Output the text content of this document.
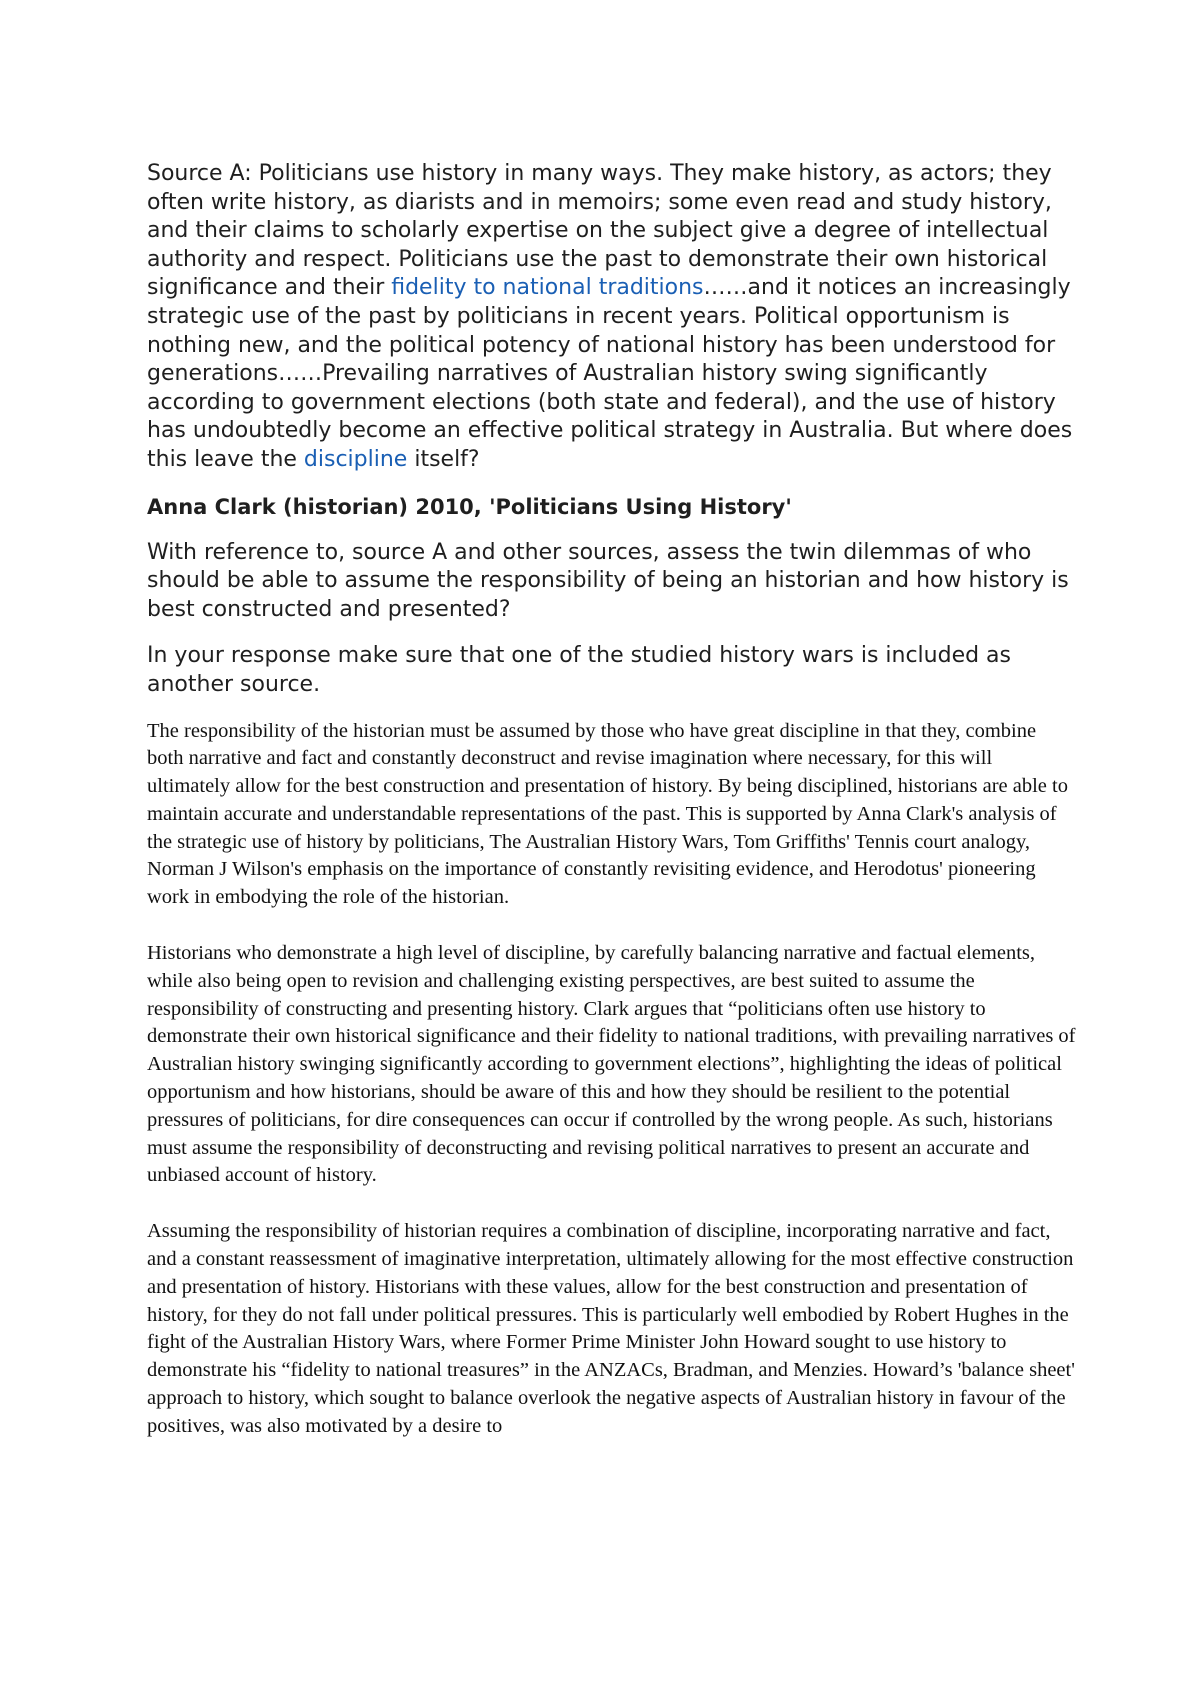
Source A: Politicians use history in many ways. They make history, as actors; they often write history, as diarists and in memoirs; some even read and study history, and their claims to scholarly expertise on the subject give a degree of intellectual authority and respect. Politicians use the past to demonstrate their own historical significance and their fidelity to national traditions……and it notices an increasingly strategic use of the past by politicians in recent years. Political opportunism is nothing new, and the political potency of national history has been understood for generations……Prevailing narratives of Australian history swing significantly according to government elections (both state and federal), and the use of history has undoubtedly become an effective political strategy in Australia. But where does this leave the discipline itself?

Anna Clark (historian) 2010, 'Politicians Using History'

With reference to, source A and other sources, assess the twin dilemmas of who should be able to assume the responsibility of being an historian and how history is best constructed and presented?

In your response make sure that one of the studied history wars is included as another source.

The responsibility of the historian must be assumed by those who have great discipline in that they, combine both narrative and fact and constantly deconstruct and revise imagination where necessary, for this will ultimately allow for the best construction and presentation of history. By being disciplined, historians are able to maintain accurate and understandable representations of the past. This is supported by Anna Clark's analysis of the strategic use of history by politicians, The Australian History Wars, Tom Griffiths' Tennis court analogy, Norman J Wilson's emphasis on the importance of constantly revisiting evidence, and Herodotus' pioneering work in embodying the role of the historian.

Historians who demonstrate a high level of discipline, by carefully balancing narrative and factual elements, while also being open to revision and challenging existing perspectives, are best suited to assume the responsibility of constructing and presenting history. Clark argues that “politicians often use history to demonstrate their own historical significance and their fidelity to national traditions, with prevailing narratives of Australian history swinging significantly according to government elections”, highlighting the ideas of political opportunism and how historians, should be aware of this and how they should be resilient to the potential pressures of politicians, for dire consequences can occur if controlled by the wrong people. As such, historians must assume the responsibility of deconstructing and revising political narratives to present an accurate and unbiased account of history.

Assuming the responsibility of historian requires a combination of discipline, incorporating narrative and fact, and a constant reassessment of imaginative interpretation, ultimately allowing for the most effective construction and presentation of history. Historians with these values, allow for the best construction and presentation of history, for they do not fall under political pressures. This is particularly well embodied by Robert Hughes in the fight of the Australian History Wars, where Former Prime Minister John Howard sought to use history to demonstrate his “fidelity to national treasures” in the ANZACs, Bradman, and Menzies. Howard’s 'balance sheet' approach to history, which sought to balance overlook the negative aspects of Australian history in favour of the positives, was also motivated by a desire to
